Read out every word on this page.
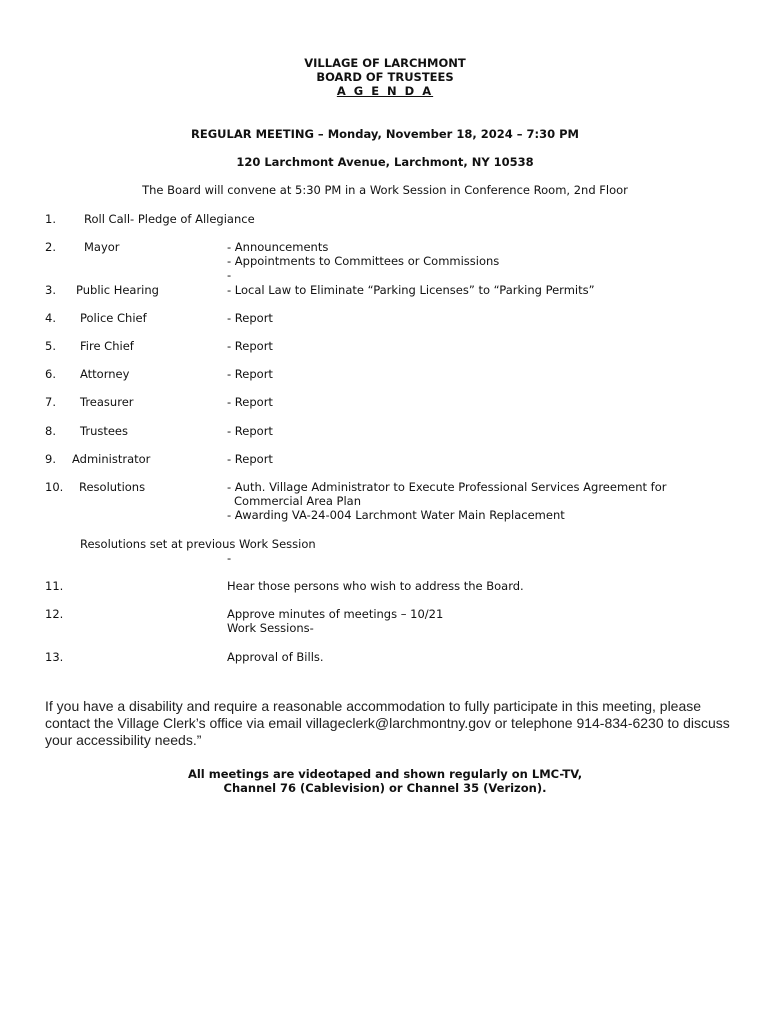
VILLAGE OF LARCHMONT
BOARD OF TRUSTEES
A G E N D A
REGULAR MEETING – Monday, November 18, 2024 – 7:30 PM
120 Larchmont Avenue, Larchmont, NY 10538
The Board will convene at 5:30 PM in a Work Session in Conference Room, 2nd Floor
1. Roll Call- Pledge of Allegiance
2. Mayor	- Announcements
- Appointments to Committees or Commissions
-
3. Public Hearing	- Local Law to Eliminate “Parking Licenses” to “Parking Permits”
4. Police Chief	- Report
5. Fire Chief	- Report
6. Attorney	- Report
7. Treasurer	- Report
8. Trustees	- Report
9. Administrator	- Report
10. Resolutions	- Auth. Village Administrator to Execute Professional Services Agreement for
Commercial Area Plan
- Awarding VA-24-004 Larchmont Water Main Replacement
Resolutions set at previous Work Session
-
11.	Hear those persons who wish to address the Board.
12.	Approve minutes of meetings – 10/21
Work Sessions-
13.	Approval of Bills.
If you have a disability and require a reasonable accommodation to fully participate in this meeting, please
contact the Village Clerk’s office via email villageclerk@larchmontny.gov or telephone 914-834-6230 to discuss
your accessibility needs.”
All meetings are videotaped and shown regularly on LMC-TV,
Channel 76 (Cablevision) or Channel 35 (Verizon).
